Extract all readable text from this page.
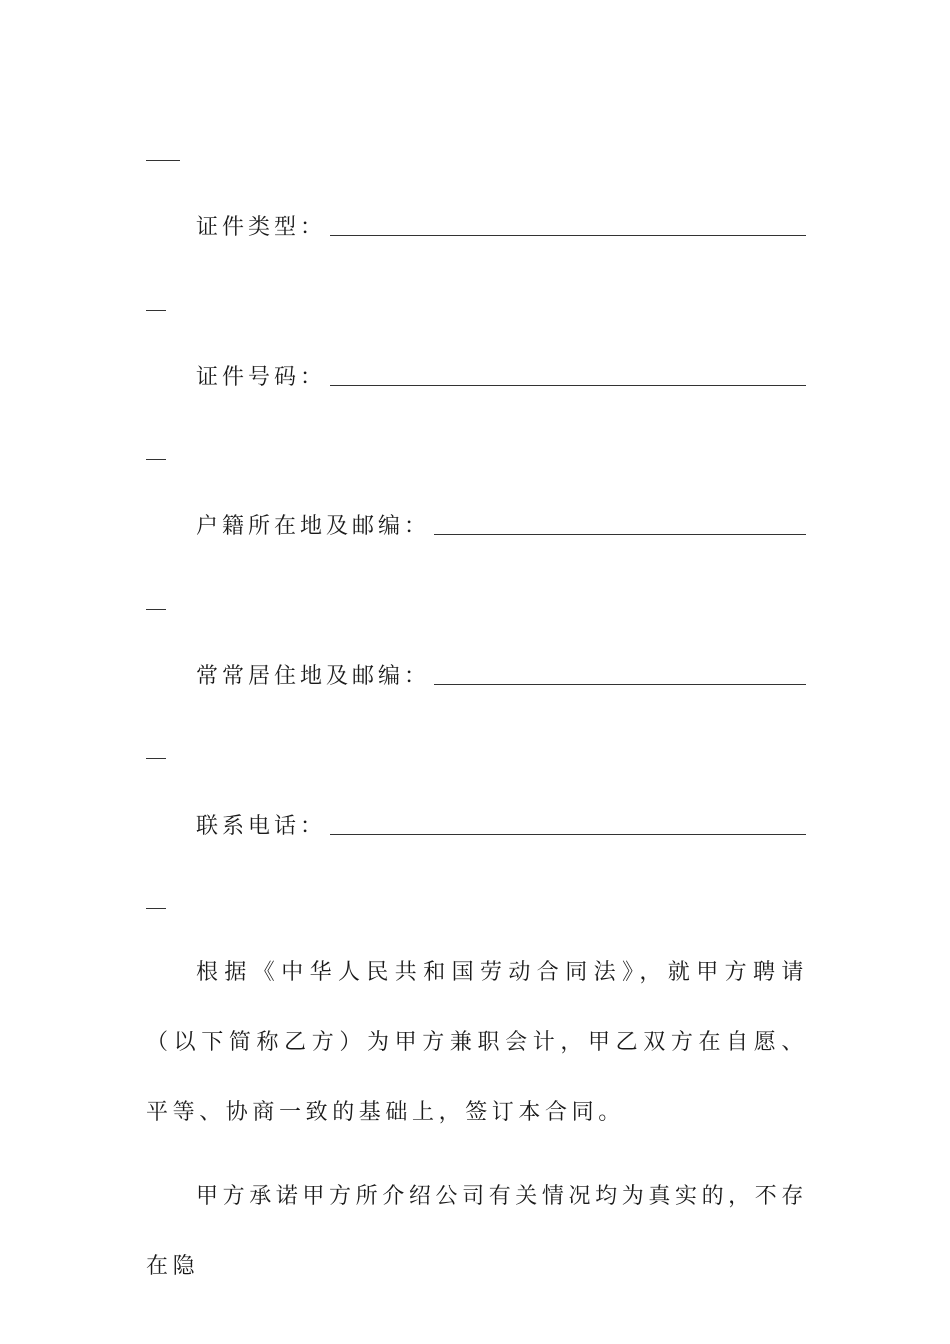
证件类型：
证件号码：
户籍所在地及邮编：
常常居住地及邮编：
联系电话：

根据《中华人民共和国劳动合同法》，就甲方聘请（以下简称乙方）为甲方兼职会计，甲乙双方在自愿、平等、协商一致的基础上，签订本合同。

甲方承诺甲方所介绍公司有关情况均为真实的，不存在隐
